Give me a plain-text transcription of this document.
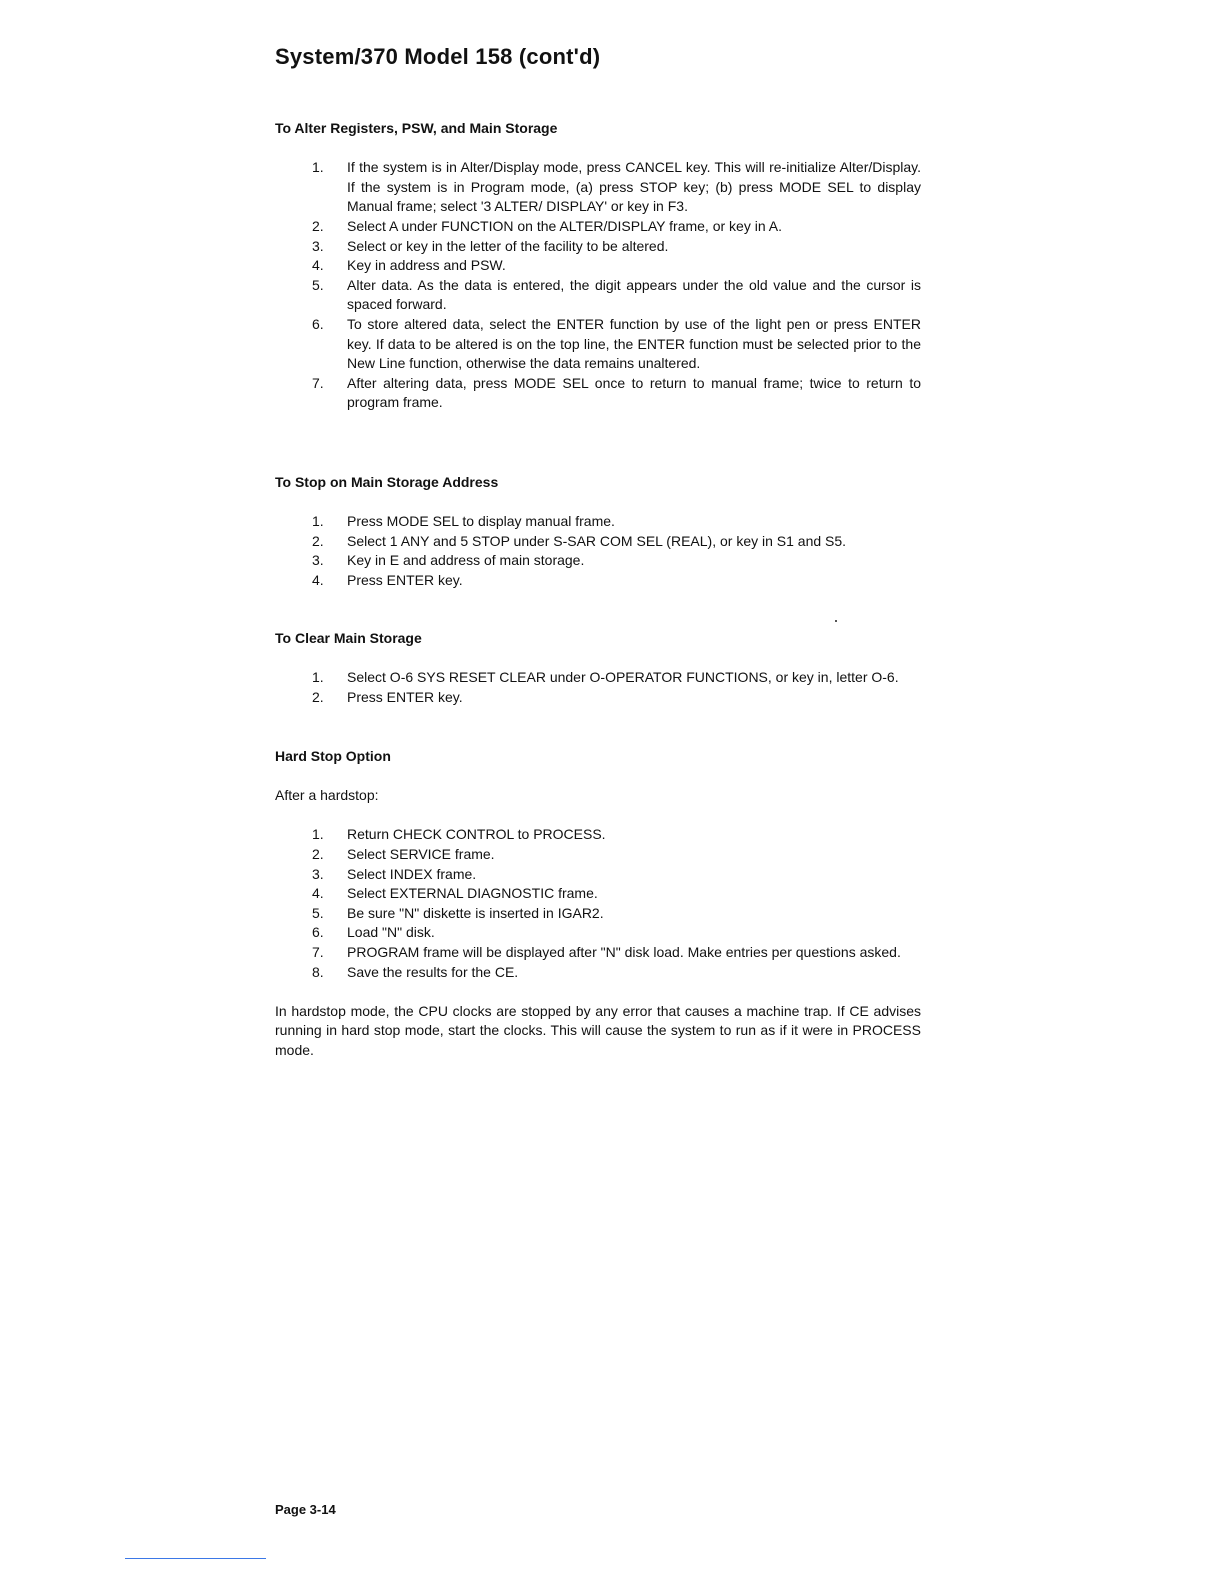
System/370 Model 158 (cont'd)
To Alter Registers, PSW, and Main Storage
1. If the system is in Alter/Display mode, press CANCEL key. This will re-initialize Alter/Display. If the system is in Program mode, (a) press STOP key; (b) press MODE SEL to display Manual frame; select '3 ALTER/ DISPLAY' or key in F3.
2. Select A under FUNCTION on the ALTER/DISPLAY frame, or key in A.
3. Select or key in the letter of the facility to be altered.
4. Key in address and PSW.
5. Alter data. As the data is entered, the digit appears under the old value and the cursor is spaced forward.
6. To store altered data, select the ENTER function by use of the light pen or press ENTER key. If data to be altered is on the top line, the ENTER function must be selected prior to the New Line function, otherwise the data remains unaltered.
7. After altering data, press MODE SEL once to return to manual frame; twice to return to program frame.
To Stop on Main Storage Address
1. Press MODE SEL to display manual frame.
2. Select 1 ANY and 5 STOP under S-SAR COM SEL (REAL), or key in S1 and S5.
3. Key in E and address of main storage.
4. Press ENTER key.
To Clear Main Storage
1. Select O-6 SYS RESET CLEAR under O-OPERATOR FUNCTIONS, or key in, letter O-6.
2. Press ENTER key.
Hard Stop Option

After a hardstop:

1. Return CHECK CONTROL to PROCESS.
2. Select SERVICE frame.
3. Select INDEX frame.
4. Select EXTERNAL DIAGNOSTIC frame.
5. Be sure "N" diskette is inserted in IGAR2.
6. Load "N" disk.
7. PROGRAM frame will be displayed after "N" disk load. Make entries per questions asked.
8. Save the results for the CE.

In hardstop mode, the CPU clocks are stopped by any error that causes a machine trap. If CE advises running in hard stop mode, start the clocks. This will cause the system to run as if it were in PROCESS mode.

Page 3-14
